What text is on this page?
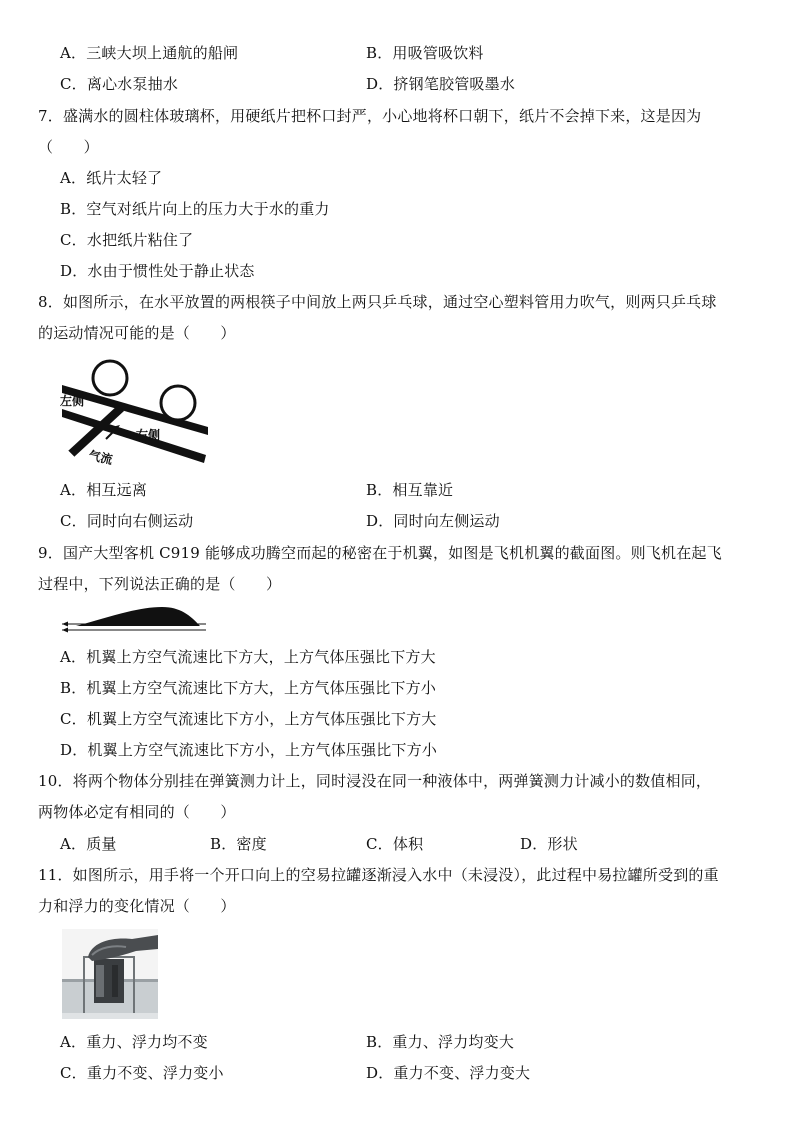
A．三峡大坝上通航的船闸	B．用吸管吸饮料
C．离心水泵抽水	D．挤钢笔胶管吸墨水
7．盛满水的圆柱体玻璃杯，用硬纸片把杯口封严，小心地将杯口朝下，纸片不会掉下来，这是因为
（　　）
A．纸片太轻了
B．空气对纸片向上的压力大于水的重力
C．水把纸片粘住了
D．水由于惯性处于静止状态
8．如图所示，在水平放置的两根筷子中间放上两只乒乓球，通过空心塑料管用力吹气，则两只乒乓球
的运动情况可能的是（　　）
左侧
右侧
气流
A．相互远离	B．相互靠近
C．同时向右侧运动	D．同时向左侧运动
9．国产大型客机 C919 能够成功腾空而起的秘密在于机翼，如图是飞机机翼的截面图。则飞机在起飞
过程中，下列说法正确的是（　　）
A．机翼上方空气流速比下方大，上方气体压强比下方大
B．机翼上方空气流速比下方大，上方气体压强比下方小
C．机翼上方空气流速比下方小，上方气体压强比下方大
D．机翼上方空气流速比下方小，上方气体压强比下方小
10．将两个物体分别挂在弹簧测力计上，同时浸没在同一种液体中，两弹簧测力计减小的数值相同，
两物体必定有相同的（　　）
A．质量	B．密度	C．体积	D．形状
11．如图所示，用手将一个开口向上的空易拉罐逐渐浸入水中（未浸没），此过程中易拉罐所受到的重
力和浮力的变化情况（　　）
A．重力、浮力均不变	B．重力、浮力均变大
C．重力不变、浮力变小	D．重力不变、浮力变大
